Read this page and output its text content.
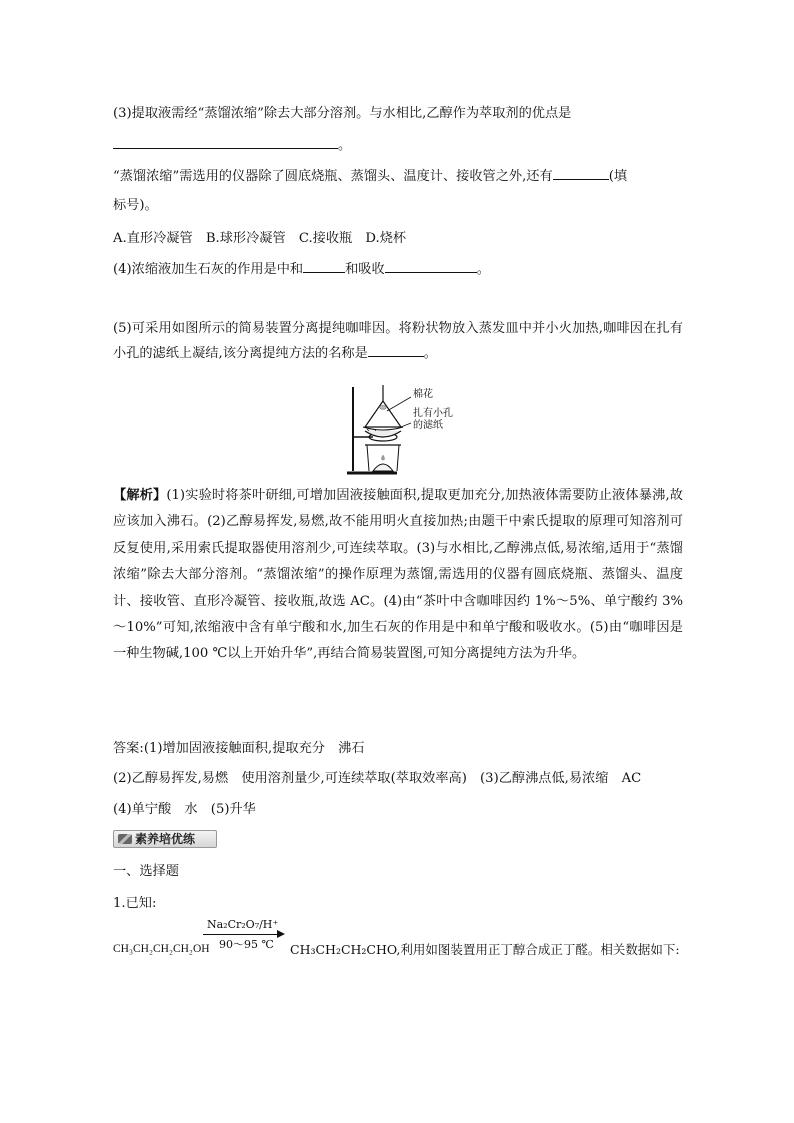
(3)提取液需经“蒸馏浓缩”除去大部分溶剂。与水相比,乙醇作为萃取剂的优点是
。
“蒸馏浓缩”需选用的仪器除了圆底烧瓶、蒸馏头、温度计、接收管之外,还有	(填
标号)。
A.直形冷凝管　B.球形冷凝管　C.接收瓶　D.烧杯
(4)浓缩液加生石灰的作用是中和	和吸收	。
(5)可采用如图所示的简易装置分离提纯咖啡因。将粉状物放入蒸发皿中并小火加热,咖啡因在扎有小孔的滤纸上凝结,该分离提纯方法的名称是	。
棉花
扎有小孔
的滤纸
【解析】(1)实验时将茶叶研细,可增加固液接触面积,提取更加充分,加热液体需要防止液体暴沸,故应该加入沸石。(2)乙醇易挥发,易燃,故不能用明火直接加热;由题干中索氏提取的原理可知溶剂可反复使用,采用索氏提取器使用溶剂少,可连续萃取。(3)与水相比,乙醇沸点低,易浓缩,适用于“蒸馏浓缩”除去大部分溶剂。“蒸馏浓缩”的操作原理为蒸馏,需选用的仪器有圆底烧瓶、蒸馏头、温度计、接收管、直形冷凝管、接收瓶,故选 AC。(4)由“茶叶中含咖啡因约 1%～5%、单宁酸约 3%～10%”可知,浓缩液中含有单宁酸和水,加生石灰的作用是中和单宁酸和吸收水。(5)由“咖啡因是一种生物碱,100 ℃以上开始升华”,再结合简易装置图,可知分离提纯方法为升华。
答案:(1)增加固液接触面积,提取充分　沸石
(2)乙醇易挥发,易燃　使用溶剂量少,可连续萃取(萃取效率高)　(3)乙醇沸点低,易浓缩　AC
(4)单宁酸　水　(5)升华
素养培优练
一、选择题
1.已知:
CH₃CH₂CH₂CH₂OH
Na₂Cr₂O₇/H⁺
90～95 ℃ CH₃CH₂CH₂CHO,利用如图装置用正丁醇合成正丁醛。相关数据如下:
